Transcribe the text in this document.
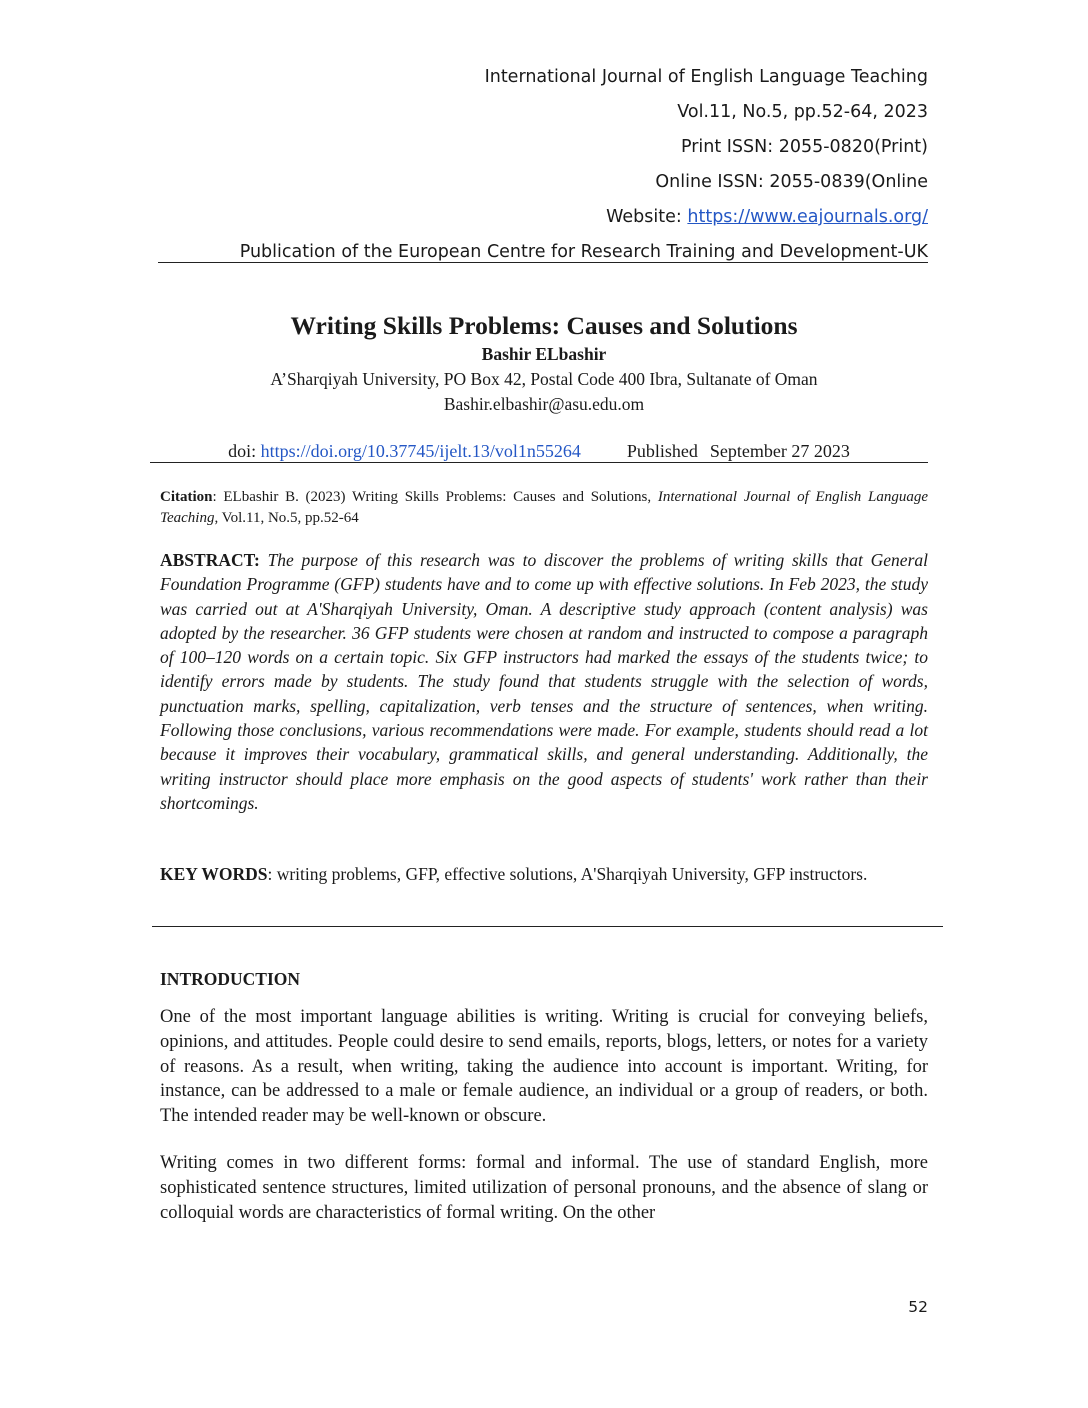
International Journal of English Language Teaching
Vol.11, No.5, pp.52-64, 2023
Print ISSN: 2055-0820(Print)
Online ISSN: 2055-0839(Online
Website: https://www.eajournals.org/
Publication of the European Centre for Research Training and Development-UK
Writing Skills Problems: Causes and Solutions
Bashir ELbashir
A’Sharqiyah University, PO Box 42, Postal Code 400 Ibra, Sultanate of Oman
Bashir.elbashir@asu.edu.om
doi: https://doi.org/10.37745/ijelt.13/vol1n55264	Published September 27 2023
Citation: ELbashir B. (2023) Writing Skills Problems: Causes and Solutions, International Journal of English Language Teaching, Vol.11, No.5, pp.52-64

ABSTRACT: The purpose of this research was to discover the problems of writing skills that General Foundation Programme (GFP) students have and to come up with effective solutions. In Feb 2023, the study was carried out at A'Sharqiyah University, Oman. A descriptive study approach (content analysis) was adopted by the researcher. 36 GFP students were chosen at random and instructed to compose a paragraph of 100–120 words on a certain topic. Six GFP instructors had marked the essays of the students twice; to identify errors made by students. The study found that students struggle with the selection of words, punctuation marks, spelling, capitalization, verb tenses and the structure of sentences, when writing. Following those conclusions, various recommendations were made. For example, students should read a lot because it improves their vocabulary, grammatical skills, and general understanding. Additionally, the writing instructor should place more emphasis on the good aspects of students' work rather than their shortcomings.

KEY WORDS: writing problems, GFP, effective solutions, A'Sharqiyah University, GFP instructors.

INTRODUCTION

One of the most important language abilities is writing. Writing is crucial for conveying beliefs, opinions, and attitudes. People could desire to send emails, reports, blogs, letters, or notes for a variety of reasons. As a result, when writing, taking the audience into account is important. Writing, for instance, can be addressed to a male or female audience, an individual or a group of readers, or both. The intended reader may be well-known or obscure.

Writing comes in two different forms: formal and informal. The use of standard English, more sophisticated sentence structures, limited utilization of personal pronouns, and the absence of slang or colloquial words are characteristics of formal writing. On the other

52
